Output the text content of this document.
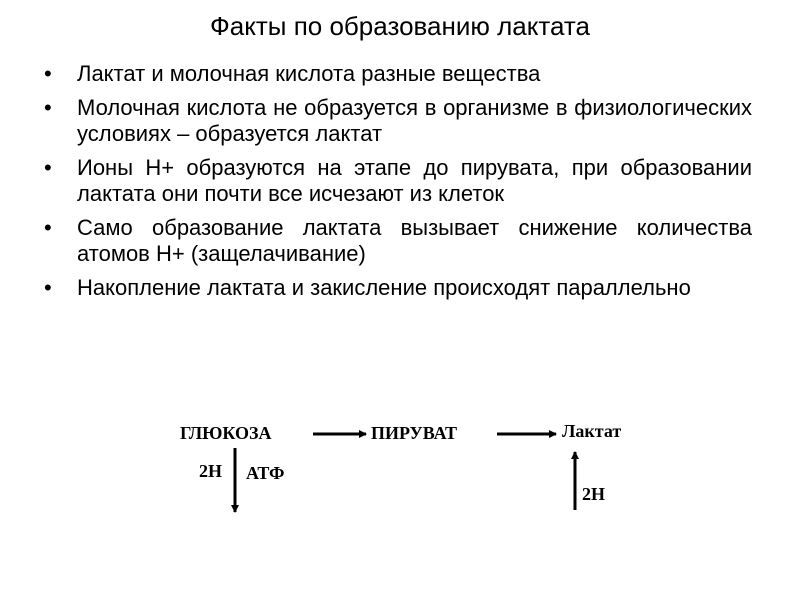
Факты по образованию лактата
• Лактат и молочная кислота разные вещества
• Молочная кислота не образуется в организме в физиологических условиях – образуется лактат
• Ионы Н+ образуются на этапе до пирувата, при образовании лактата они почти все исчезают из клеток
• Само образование лактата вызывает снижение количества атомов Н+ (защелачивание)
• Накопление лактата и закисление происходят параллельно
ГЛЮКОЗА	ПИРУВАТ	Лактат
2Н АТФ
2Н
